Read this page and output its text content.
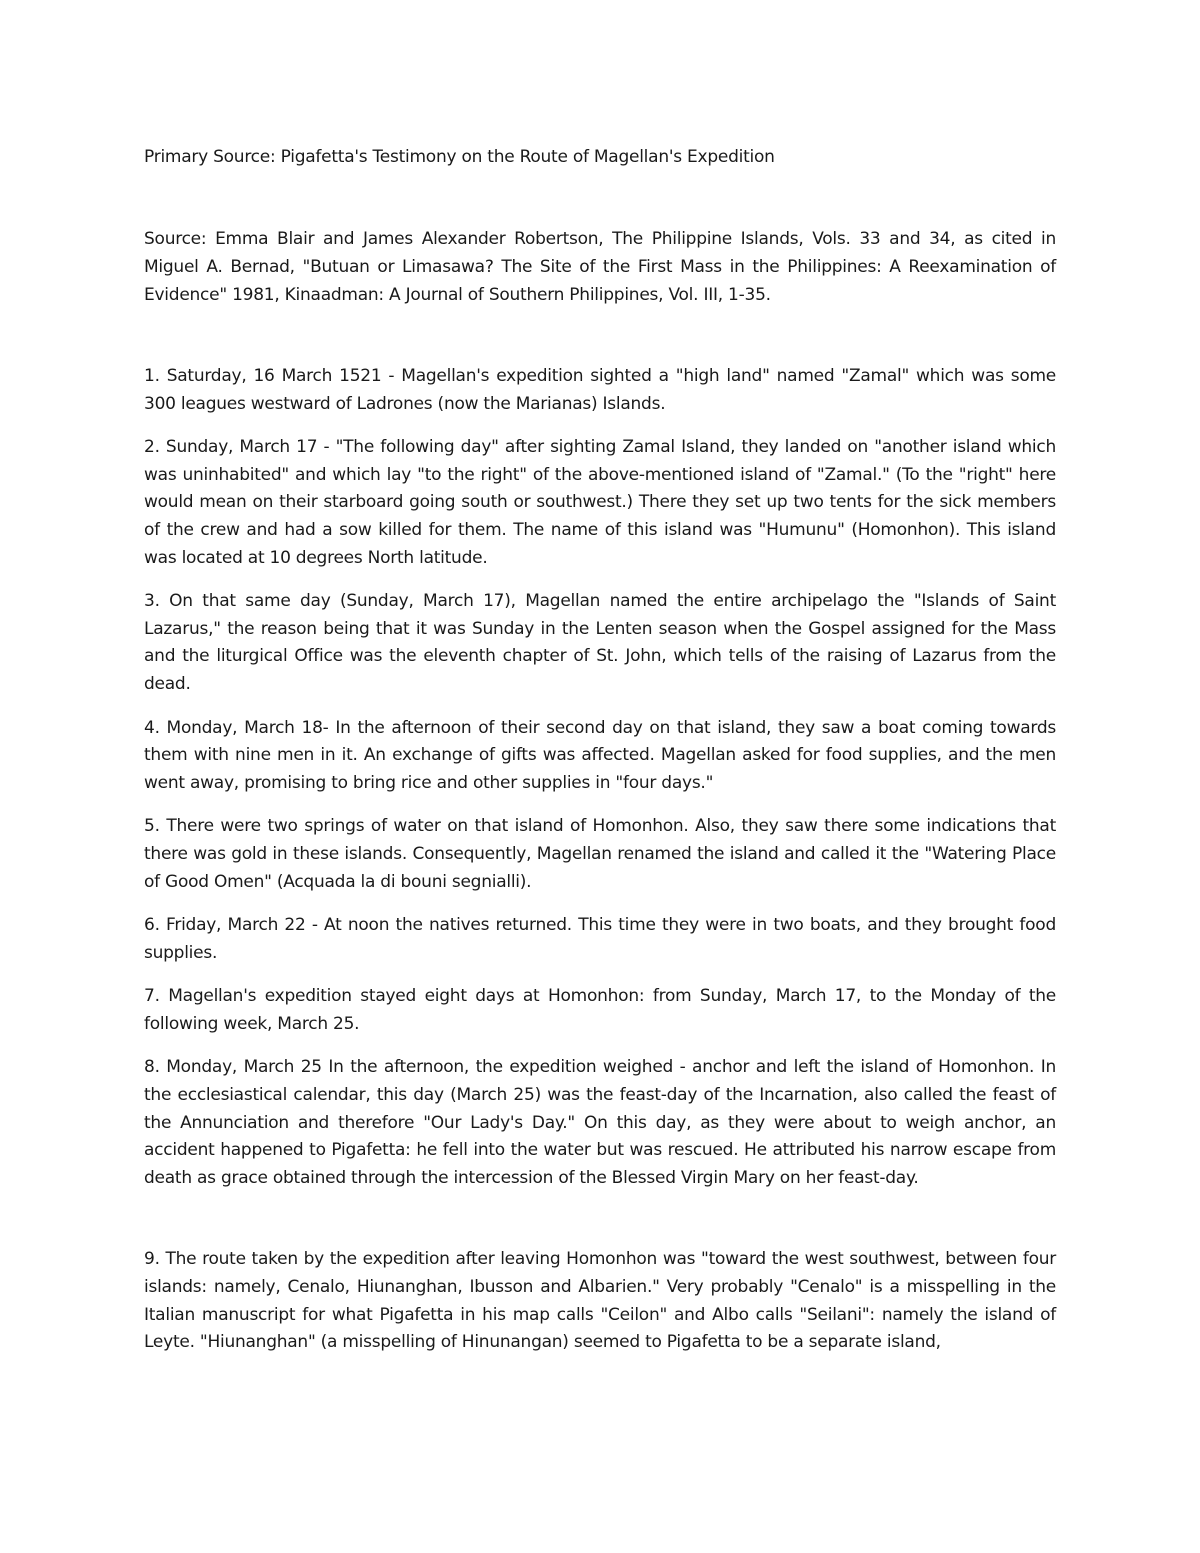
Primary Source: Pigafetta's Testimony on the Route of Magellan's Expedition

Source: Emma Blair and James Alexander Robertson, The Philippine Islands, Vols. 33 and 34, as cited in Miguel A. Bernad, "Butuan or Limasawa? The Site of the First Mass in the Philippines: A Reexamination of Evidence" 1981, Kinaadman: A Journal of Southern Philippines, Vol. III, 1-35.

1. Saturday, 16 March 1521 - Magellan's expedition sighted a "high land" named "Zamal" which was some 300 leagues westward of Ladrones (now the Marianas) Islands.

2. Sunday, March 17 - "The following day" after sighting Zamal Island, they landed on "another island which was uninhabited" and which lay "to the right" of the above-mentioned island of "Zamal." (To the "right" here would mean on their starboard going south or southwest.) There they set up two tents for the sick members of the crew and had a sow killed for them. The name of this island was "Humunu" (Homonhon). This island was located at 10 degrees North latitude.

3. On that same day (Sunday, March 17), Magellan named the entire archipelago the "Islands of Saint Lazarus," the reason being that it was Sunday in the Lenten season when the Gospel assigned for the Mass and the liturgical Office was the eleventh chapter of St. John, which tells of the raising of Lazarus from the dead.

4. Monday, March 18- In the afternoon of their second day on that island, they saw a boat coming towards them with nine men in it. An exchange of gifts was affected. Magellan asked for food supplies, and the men went away, promising to bring rice and other supplies in "four days."

5. There were two springs of water on that island of Homonhon. Also, they saw there some indications that there was gold in these islands. Consequently, Magellan renamed the island and called it the "Watering Place of Good Omen" (Acquada la di bouni segnialli).

6. Friday, March 22 - At noon the natives returned. This time they were in two boats, and they brought food supplies.

7. Magellan's expedition stayed eight days at Homonhon: from Sunday, March 17, to the Monday of the following week, March 25.

8. Monday, March 25 In the afternoon, the expedition weighed - anchor and left the island of Homonhon. In the ecclesiastical calendar, this day (March 25) was the feast-day of the Incarnation, also called the feast of the Annunciation and therefore "Our Lady's Day." On this day, as they were about to weigh anchor, an accident happened to Pigafetta: he fell into the water but was rescued. He attributed his narrow escape from death as grace obtained through the intercession of the Blessed Virgin Mary on her feast-day.

9. The route taken by the expedition after leaving Homonhon was "toward the west southwest, between four islands: namely, Cenalo, Hiunanghan, Ibusson and Albarien." Very probably "Cenalo" is a misspelling in the Italian manuscript for what Pigafetta in his map calls "Ceilon" and Albo calls "Seilani": namely the island of Leyte. "Hiunanghan" (a misspelling of Hinunangan) seemed to Pigafetta to be a separate island,
